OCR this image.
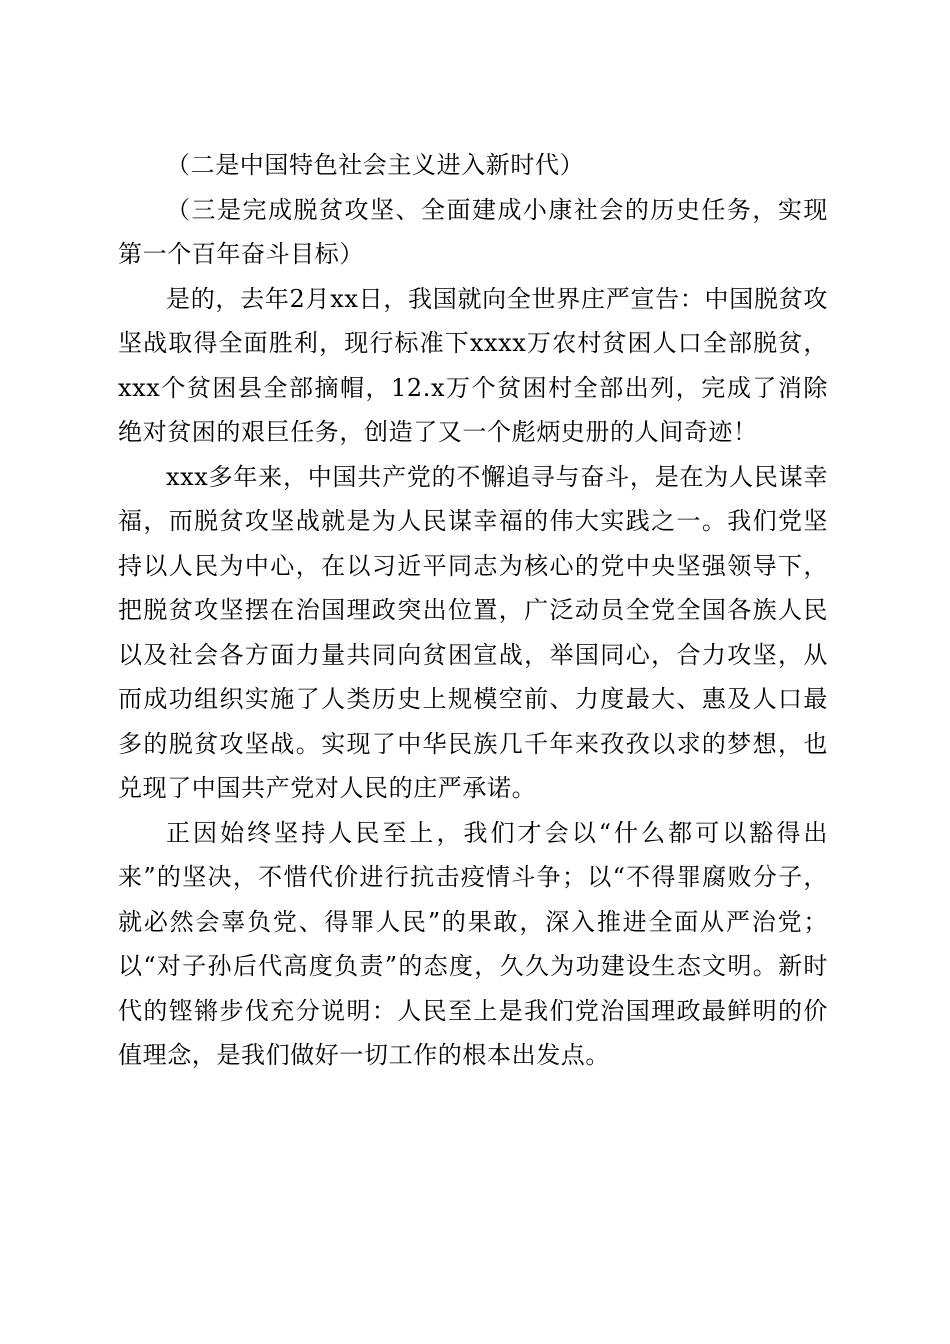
（二是中国特色社会主义进入新时代）

（三是完成脱贫攻坚、全面建成小康社会的历史任务，实现第一个百年奋斗目标）

是的，去年2月xx日，我国就向全世界庄严宣告：中国脱贫攻坚战取得全面胜利，现行标准下xxxx万农村贫困人口全部脱贫，xxx个贫困县全部摘帽，12.x万个贫困村全部出列，完成了消除绝对贫困的艰巨任务，创造了又一个彪炳史册的人间奇迹！

xxx多年来，中国共产党的不懈追寻与奋斗，是在为人民谋幸福，而脱贫攻坚战就是为人民谋幸福的伟大实践之一。我们党坚持以人民为中心，在以习近平同志为核心的党中央坚强领导下，把脱贫攻坚摆在治国理政突出位置，广泛动员全党全国各族人民以及社会各方面力量共同向贫困宣战，举国同心，合力攻坚，从而成功组织实施了人类历史上规模空前、力度最大、惠及人口最多的脱贫攻坚战。实现了中华民族几千年来孜孜以求的梦想，也兑现了中国共产党对人民的庄严承诺。

正因始终坚持人民至上，我们才会以“什么都可以豁得出来”的坚决，不惜代价进行抗击疫情斗争；以“不得罪腐败分子，就必然会辜负党、得罪人民”的果敢，深入推进全面从严治党；以“对子孙后代高度负责”的态度，久久为功建设生态文明。新时代的铿锵步伐充分说明：人民至上是我们党治国理政最鲜明的价值理念，是我们做好一切工作的根本出发点。
